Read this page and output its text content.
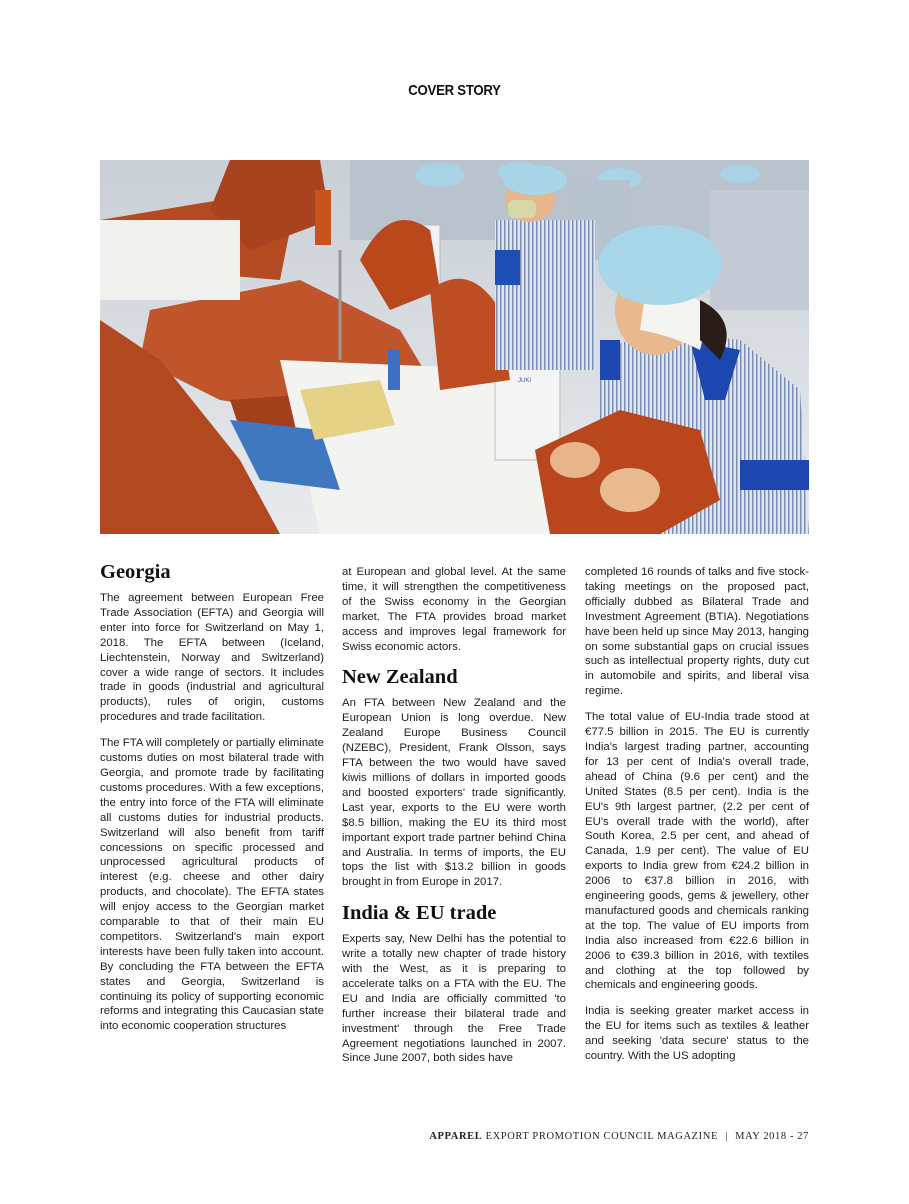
COVER STORY
JUKI
Georgia

The agreement between European Free Trade Association (EFTA) and Georgia will enter into force for Switzerland on May 1, 2018. The EFTA between (Iceland, Liechtenstein, Norway and Switzerland) cover a wide range of sectors. It includes trade in goods (industrial and agricultural products), rules of origin, customs procedures and trade facilitation.

The FTA will completely or partially eliminate customs duties on most bilateral trade with Georgia, and promote trade by facilitating customs procedures. With a few exceptions, the entry into force of the FTA will eliminate all customs duties for industrial products. Switzerland will also benefit from tariff concessions on specific processed and unprocessed agricultural products of interest (e.g. cheese and other dairy products, and chocolate). The EFTA states will enjoy access to the Georgian market comparable to that of their main EU competitors. Switzerland's main export interests have been fully taken into account. By concluding the FTA between the EFTA states and Georgia, Switzerland is continuing its policy of supporting economic reforms and integrating this Caucasian state into economic cooperation structures

at European and global level. At the same time, it will strengthen the competitiveness of the Swiss economy in the Georgian market. The FTA provides broad market access and improves legal framework for Swiss economic actors.

New Zealand

An FTA between New Zealand and the European Union is long overdue. New Zealand Europe Business Council (NZEBC), President, Frank Olsson, says FTA between the two would have saved kiwis millions of dollars in imported goods and boosted exporters' trade significantly. Last year, exports to the EU were worth $8.5 billion, making the EU its third most important export trade partner behind China and Australia. In terms of imports, the EU tops the list with $13.2 billion in goods brought in from Europe in 2017.

India & EU trade

Experts say, New Delhi has the potential to write a totally new chapter of trade history with the West, as it is preparing to accelerate talks on a FTA with the EU. The EU and India are officially committed 'to further increase their bilateral trade and investment' through the Free Trade Agreement negotiations launched in 2007. Since June 2007, both sides have

completed 16 rounds of talks and five stock-taking meetings on the proposed pact, officially dubbed as Bilateral Trade and Investment Agreement (BTIA). Negotiations have been held up since May 2013, hanging on some substantial gaps on crucial issues such as intellectual property rights, duty cut in automobile and spirits, and liberal visa regime.

The total value of EU-India trade stood at €77.5 billion in 2015. The EU is currently India's largest trading partner, accounting for 13 per cent of India's overall trade, ahead of China (9.6 per cent) and the United States (8.5 per cent). India is the EU's 9th largest partner, (2.2 per cent of EU's overall trade with the world), after South Korea, 2.5 per cent, and ahead of Canada, 1.9 per cent). The value of EU exports to India grew from €24.2 billion in 2006 to €37.8 billion in 2016, with engineering goods, gems & jewellery, other manufactured goods and chemicals ranking at the top. The value of EU imports from India also increased from €22.6 billion in 2006 to €39.3 billion in 2016, with textiles and clothing at the top followed by chemicals and engineering goods.

India is seeking greater market access in the EU for items such as textiles & leather and seeking 'data secure' status to the country. With the US adopting

APPAREL EXPORT PROMOTION COUNCIL MAGAZINE | MAY 2018 - 27
